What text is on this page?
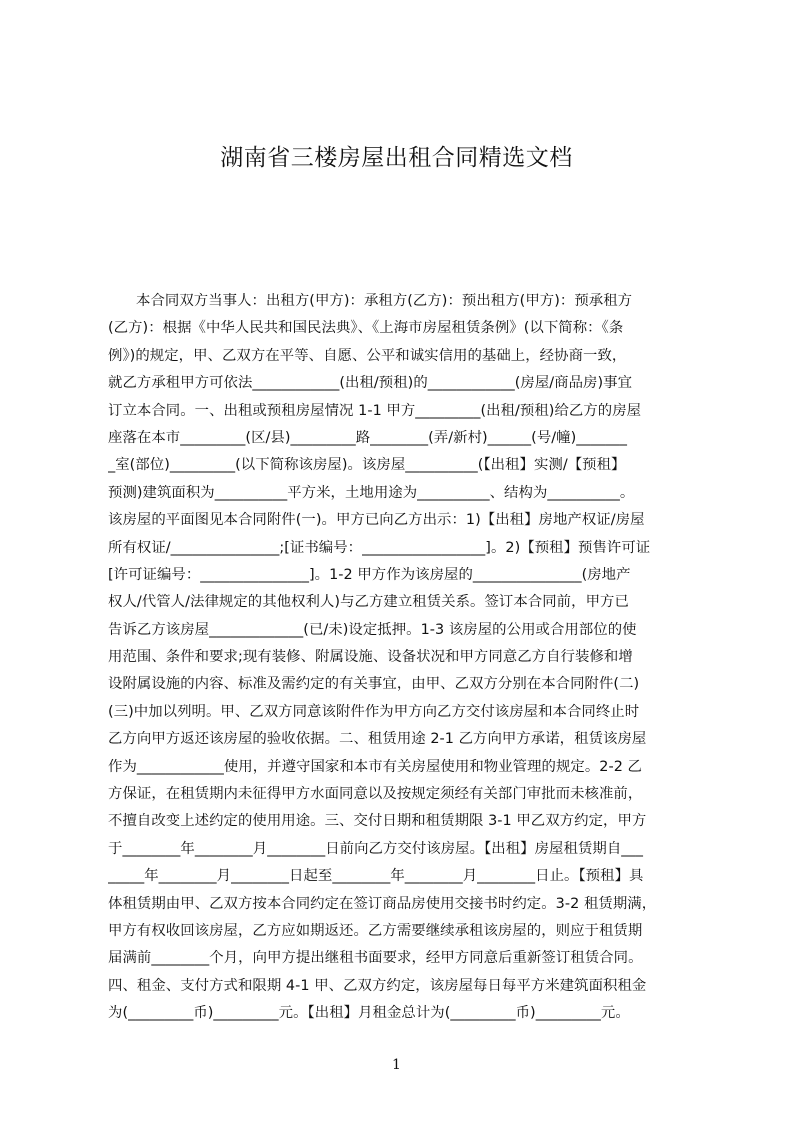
湖南省三楼房屋出租合同精选文档
本合同双方当事人：出租方(甲方)：承租方(乙方)：预出租方(甲方)：预承租方
(乙方)：根据《中华人民共和国民法典》、《上海市房屋租赁条例》(以下简称：《条
例》)的规定，甲、乙双方在平等、自愿、公平和诚实信用的基础上，经协商一致，
就乙方承租甲方可依法____________(出租/预租)的____________(房屋/商品房)事宜
订立本合同。一、出租或预租房屋情况 1-1 甲方_________(出租/预租)给乙方的房屋
座落在本市_________(区/县)_________路________(弄/新村)______(号/幢)_______
_室(部位)_________(以下简称该房屋)。该房屋__________(【出租】实测/【预租】
预测)建筑面积为__________平方米，土地用途为__________、结构为__________。
该房屋的平面图见本合同附件(一)。甲方已向乙方出示：1)【出租】房地产权证/房屋
所有权证/_______________;[证书编号：_________________]。2)【预租】预售许可证
[许可证编号：_______________]。1-2 甲方作为该房屋的_______________(房地产
权人/代管人/法律规定的其他权利人)与乙方建立租赁关系。签订本合同前，甲方已
告诉乙方该房屋_____________(已/未)设定抵押。1-3 该房屋的公用或合用部位的使
用范围、条件和要求;现有装修、附属设施、设备状况和甲方同意乙方自行装修和增
设附属设施的内容、标准及需约定的有关事宜，由甲、乙双方分别在本合同附件(二)
(三)中加以列明。甲、乙双方同意该附件作为甲方向乙方交付该房屋和本合同终止时
乙方向甲方返还该房屋的验收依据。二、租赁用途 2-1 乙方向甲方承诺，租赁该房屋
作为____________使用，并遵守国家和本市有关房屋使用和物业管理的规定。2-2 乙
方保证，在租赁期内未征得甲方水面同意以及按规定须经有关部门审批而未核准前，
不擅自改变上述约定的使用用途。三、交付日期和租赁期限 3-1 甲乙双方约定，甲方
于________年________月________日前向乙方交付该房屋。【出租】房屋租赁期自___
_____年________月________日起至________年________月________日止。【预租】具
体租赁期由甲、乙双方按本合同约定在签订商品房使用交接书时约定。3-2 租赁期满，
甲方有权收回该房屋，乙方应如期返还。乙方需要继续承租该房屋的，则应于租赁期
届满前________个月，向甲方提出继租书面要求，经甲方同意后重新签订租赁合同。
四、租金、支付方式和限期 4-1 甲、乙双方约定，该房屋每日每平方米建筑面积租金
为(_________币)_________元。【出租】月租金总计为(_________币)_________元。
1
